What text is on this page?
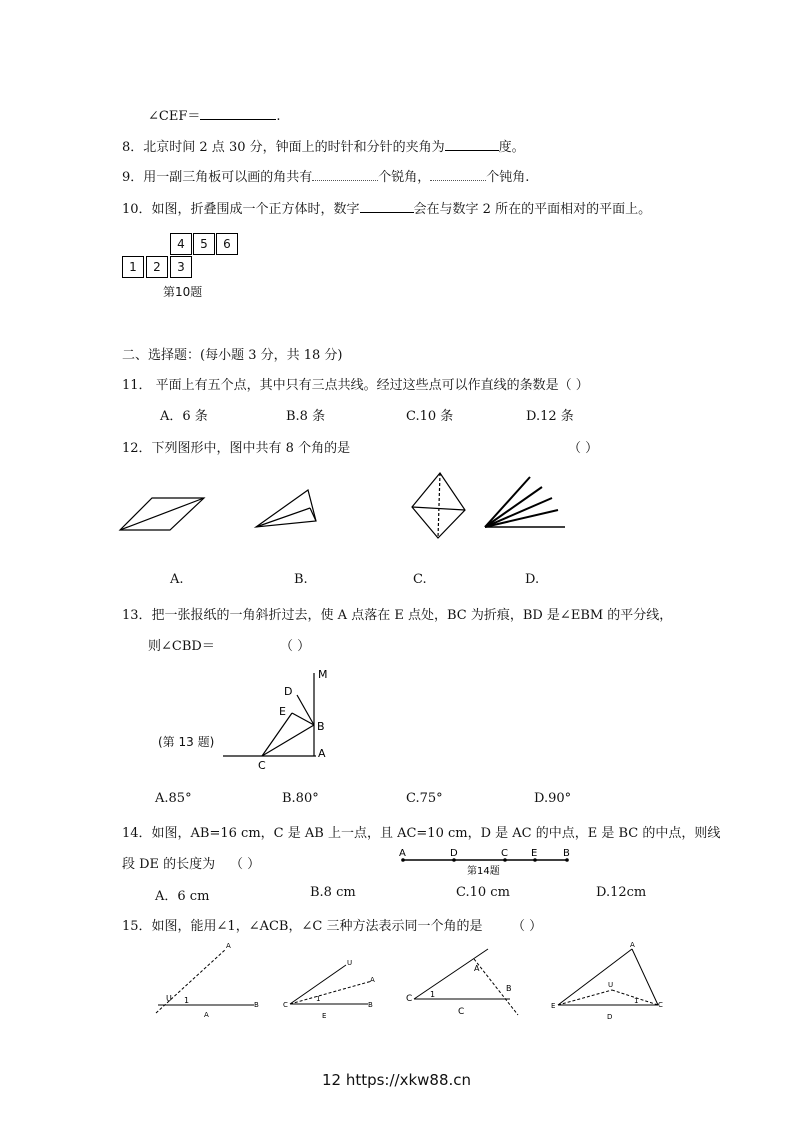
∠CEF＝	.
8．北京时间 2 点 30 分，钟面上的时针和分针的夹角为	度。
9．用一副三角板可以画的角共有	个锐角，	个钝角.
10．如图，折叠围成一个正方体时，数字	会在与数字 2 所在的平面相对的平面上。
4	5	6
1	2	3
第10题
二、选择题：(每小题 3 分，共 18 分)
11． 平面上有五个点，其中只有三点共线。经过这些点可以作直线的条数是（ ）
A．6 条	B.8 条	C.10 条	D.12 条
12．下列图形中，图中共有 8 个角的是	（ ）
A.	B.	C.	D.
13．把一张报纸的一角斜折过去，使 A 点落在 E 点处，BC 为折痕，BD 是∠EBM 的平分线，
则∠CBD＝	（ ）
(第 13 题)
M
D
E
B
A
C
A.85°	B.80°	C.75°	D.90°
14．如图，AB=16 cm，C 是 AB 上一点，且 AC=10 cm，D 是 AC 的中点，E 是 BC 的中点，则线
段 DE 的长度为 （ ）
A	D	C E	B
第14题
A．6 cm	B.8 cm	C.10 cm	D.12cm
15．如图，能用∠1，∠ACB，∠C 三种方法表示同一个角的是 （ ）
A
U 1	B
A
U
A
C
1
B
E
A
C 1
B
C
A
U
E
1	C
D
12 https://xkw88.cn
